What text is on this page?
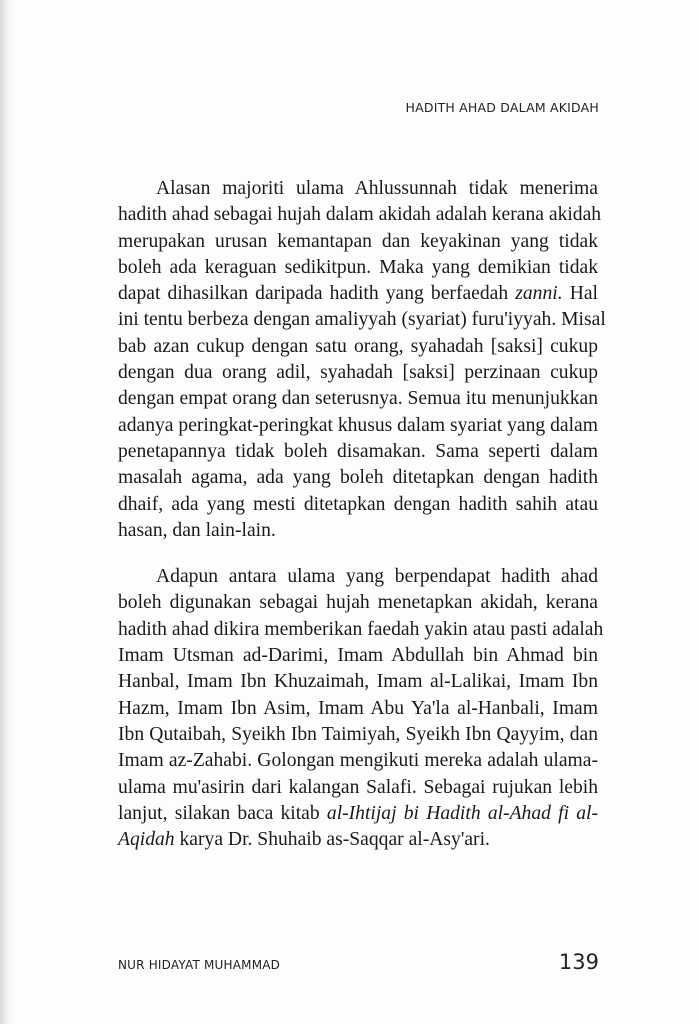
HADITH AHAD DALAM AKIDAH
Alasan majoriti ulama Ahlussunnah tidak menerima
hadith ahad sebagai hujah dalam akidah adalah kerana akidah
merupakan urusan kemantapan dan keyakinan yang tidak
boleh ada keraguan sedikitpun. Maka yang demikian tidak
dapat dihasilkan daripada hadith yang berfaedah zanni. Hal
ini tentu berbeza dengan amaliyyah (syariat) furu'iyyah. Misal
bab azan cukup dengan satu orang, syahadah [saksi] cukup
dengan dua orang adil, syahadah [saksi] perzinaan cukup
dengan empat orang dan seterusnya. Semua itu menunjukkan
adanya peringkat-peringkat khusus dalam syariat yang dalam
penetapannya tidak boleh disamakan. Sama seperti dalam
masalah agama, ada yang boleh ditetapkan dengan hadith
dhaif, ada yang mesti ditetapkan dengan hadith sahih atau
hasan, dan lain-lain.
Adapun antara ulama yang berpendapat hadith ahad
boleh digunakan sebagai hujah menetapkan akidah, kerana
hadith ahad dikira memberikan faedah yakin atau pasti adalah
Imam Utsman ad-Darimi, Imam Abdullah bin Ahmad bin
Hanbal, Imam Ibn Khuzaimah, Imam al-Lalikai, Imam Ibn
Hazm, Imam Ibn Asim, Imam Abu Ya'la al-Hanbali, Imam
Ibn Qutaibah, Syeikh Ibn Taimiyah, Syeikh Ibn Qayyim, dan
Imam az-Zahabi. Golongan mengikuti mereka adalah ulama-
ulama mu'asirin dari kalangan Salafi. Sebagai rujukan lebih
lanjut, silakan baca kitab al-Ihtijaj bi Hadith al-Ahad fi al-
Aqidah karya Dr. Shuhaib as-Saqqar al-Asy'ari.
NUR HIDAYAT MUHAMMAD	139
